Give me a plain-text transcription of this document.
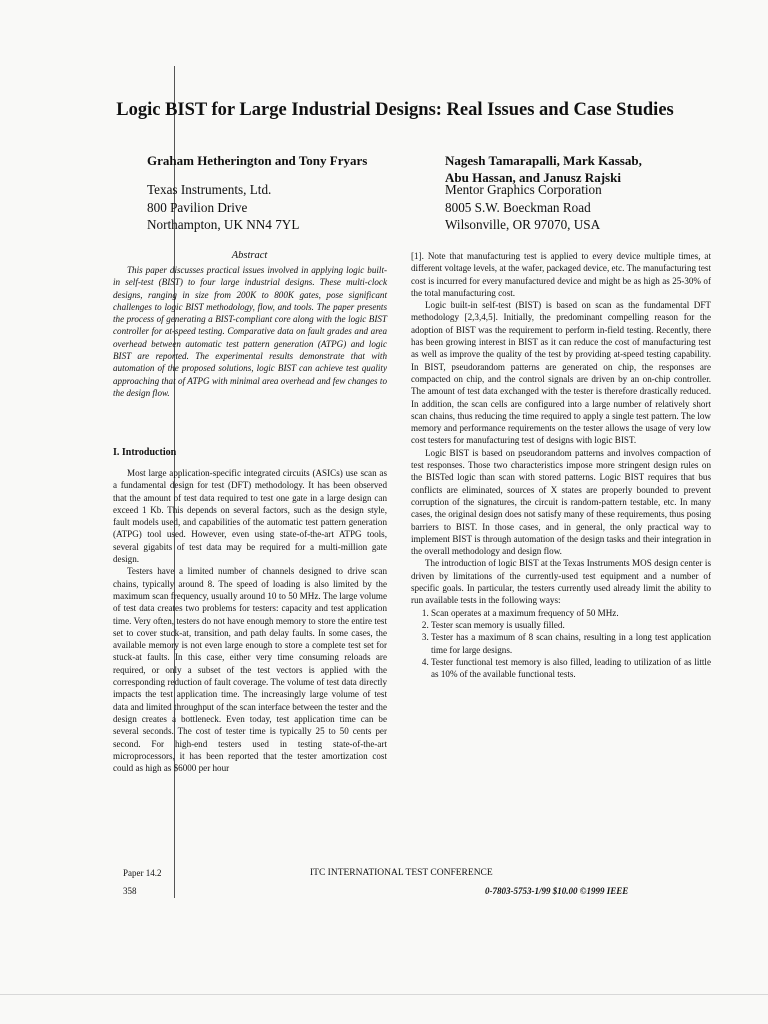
Logic BIST for Large Industrial Designs: Real Issues and Case Studies
Graham Hetherington and Tony Fryars
Texas Instruments, Ltd.
800 Pavilion Drive
Northampton, UK NN4 7YL
Nagesh Tamarapalli, Mark Kassab,
Abu Hassan, and Janusz Rajski
Mentor Graphics Corporation
8005 S.W. Boeckman Road
Wilsonville, OR 97070, USA
Abstract

This paper discusses practical issues involved in applying logic built-in self-test (BIST) to four large industrial designs. These multi-clock designs, ranging in size from 200K to 800K gates, pose significant challenges to logic BIST methodology, flow, and tools. The paper presents the process of generating a BIST-compliant core along with the logic BIST controller for at-speed testing. Comparative data on fault grades and area overhead between automatic test pattern generation (ATPG) and logic BIST are reported. The experimental results demonstrate that with automation of the proposed solutions, logic BIST can achieve test quality approaching that of ATPG with minimal area overhead and few changes to the design flow.

I. Introduction

Most large application-specific integrated circuits (ASICs) use scan as a fundamental design for test (DFT) methodology. It has been observed that the amount of test data required to test one gate in a large design can exceed 1 Kb. This depends on several factors, such as the design style, fault models used, and capabilities of the automatic test pattern generation (ATPG) tool used. However, even using state-of-the-art ATPG tools, several gigabits of test data may be required for a multi-million gate design.

Testers have a limited number of channels designed to drive scan chains, typically around 8. The speed of loading is also limited by the maximum scan frequency, usually around 10 to 50 MHz. The large volume of test data creates two problems for testers: capacity and test application time. Very often, testers do not have enough memory to store the entire test set to cover stuck-at, transition, and path delay faults. In some cases, the available memory is not even large enough to store a complete test set for stuck-at faults. In this case, either very time consuming reloads are required, or only a subset of the test vectors is applied with the corresponding reduction of fault coverage. The volume of test data directly impacts the test application time. The increasingly large volume of test data and limited throughput of the scan interface between the tester and the design creates a bottleneck. Even today, test application time can be several seconds. The cost of tester time is typically 25 to 50 cents per second. For high-end testers used in testing state-of-the-art microprocessors, it has been reported that the tester amortization cost could as high as $6000 per hour

[1]. Note that manufacturing test is applied to every device multiple times, at different voltage levels, at the wafer, packaged device, etc. The manufacturing test cost is incurred for every manufactured device and might be as high as 25-30% of the total manufacturing cost.

Logic built-in self-test (BIST) is based on scan as the fundamental DFT methodology [2,3,4,5]. Initially, the predominant compelling reason for the adoption of BIST was the requirement to perform in-field testing. Recently, there has been growing interest in BIST as it can reduce the cost of manufacturing test as well as improve the quality of the test by providing at-speed testing capability. In BIST, pseudorandom patterns are generated on chip, the responses are compacted on chip, and the control signals are driven by an on-chip controller. The amount of test data exchanged with the tester is therefore drastically reduced. In addition, the scan cells are configured into a large number of relatively short scan chains, thus reducing the time required to apply a single test pattern. The low memory and performance requirements on the tester allows the usage of very low cost testers for manufacturing test of designs with logic BIST.

Logic BIST is based on pseudorandom patterns and involves compaction of test responses. Those two characteristics impose more stringent design rules on the BISTed logic than scan with stored patterns. Logic BIST requires that bus conflicts are eliminated, sources of X states are properly bounded to prevent corruption of the signatures, the circuit is random-pattern testable, etc. In many cases, the original design does not satisfy many of these requirements, thus posing barriers to BIST. In those cases, and in general, the only practical way to implement BIST is through automation of the design tasks and their integration in the overall methodology and design flow.

The introduction of logic BIST at the Texas Instruments MOS design center is driven by limitations of the currently-used test equipment and a number of specific goals. In particular, the testers currently used already limit the ability to run available tests in the following ways:

1. Scan operates at a maximum frequency of 50 MHz.
2. Tester scan memory is usually filled.
3. Tester has a maximum of 8 scan chains, resulting in a long test application time for large designs.
4. Tester functional test memory is also filled, leading to utilization of as little as 10% of the available functional tests.
Paper 14.2
358
ITC INTERNATIONAL TEST CONFERENCE
0-7803-5753-1/99 $10.00 ©1999 IEEE
